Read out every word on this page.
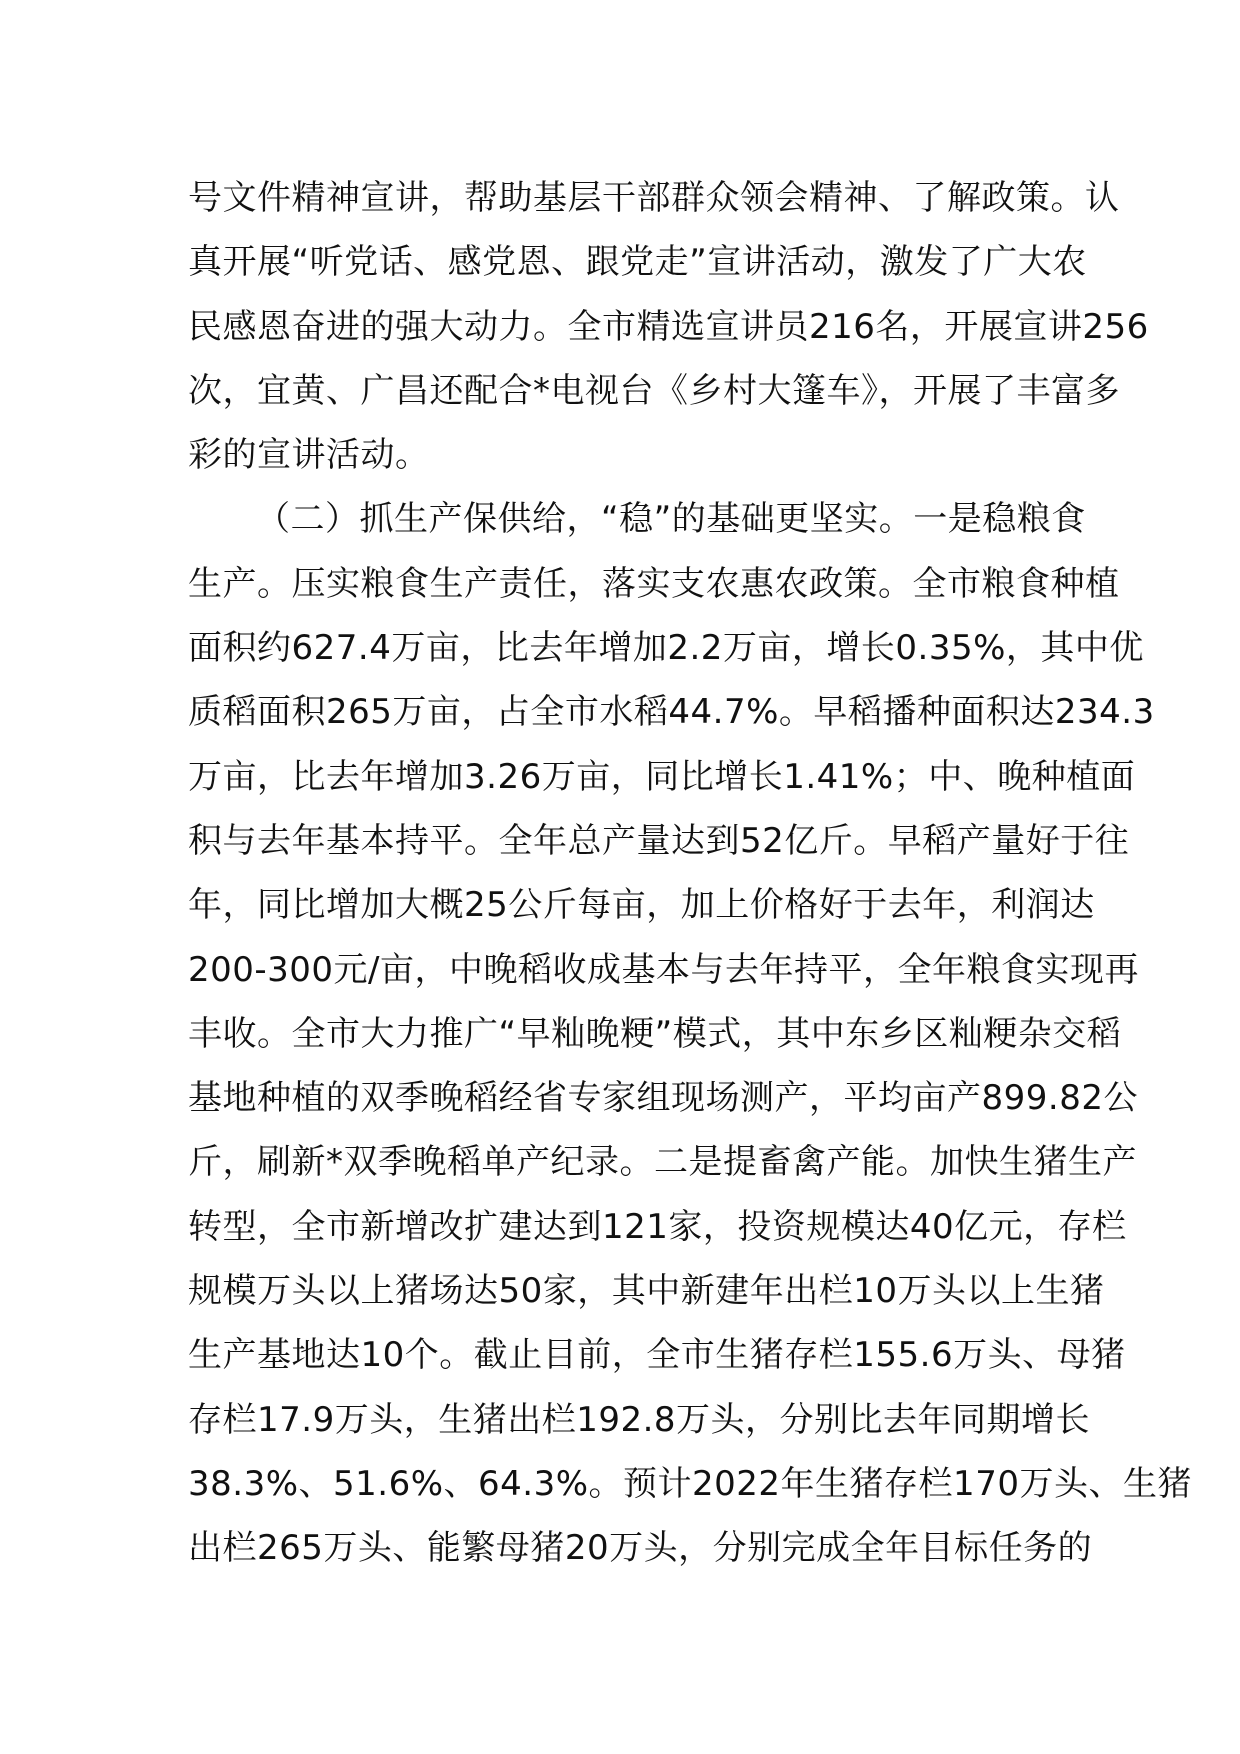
号文件精神宣讲，帮助基层干部群众领会精神、了解政策。认
真开展“听党话、感党恩、跟党走”宣讲活动，激发了广大农
民感恩奋进的强大动力。全市精选宣讲员216名，开展宣讲256
次，宜黄、广昌还配合*电视台《乡村大篷车》，开展了丰富多
彩的宣讲活动。
（二）抓生产保供给，“稳”的基础更坚实。一是稳粮食
生产。压实粮食生产责任，落实支农惠农政策。全市粮食种植
面积约627.4万亩，比去年增加2.2万亩，增长0.35%，其中优
质稻面积265万亩，占全市水稻44.7%。早稻播种面积达234.3
万亩，比去年增加3.26万亩，同比增长1.41%；中、晚种植面
积与去年基本持平。全年总产量达到52亿斤。早稻产量好于往
年，同比增加大概25公斤每亩，加上价格好于去年，利润达
200-300元/亩，中晚稻收成基本与去年持平，全年粮食实现再
丰收。全市大力推广“早籼晚粳”模式，其中东乡区籼粳杂交稻
基地种植的双季晚稻经省专家组现场测产，平均亩产899.82公
斤，刷新*双季晚稻单产纪录。二是提畜禽产能。加快生猪生产
转型，全市新增改扩建达到121家，投资规模达40亿元，存栏
规模万头以上猪场达50家，其中新建年出栏10万头以上生猪
生产基地达10个。截止目前，全市生猪存栏155.6万头、母猪
存栏17.9万头，生猪出栏192.8万头，分别比去年同期增长
38.3%、51.6%、64.3%。预计2022年生猪存栏170万头、生猪
出栏265万头、能繁母猪20万头，分别完成全年目标任务的
